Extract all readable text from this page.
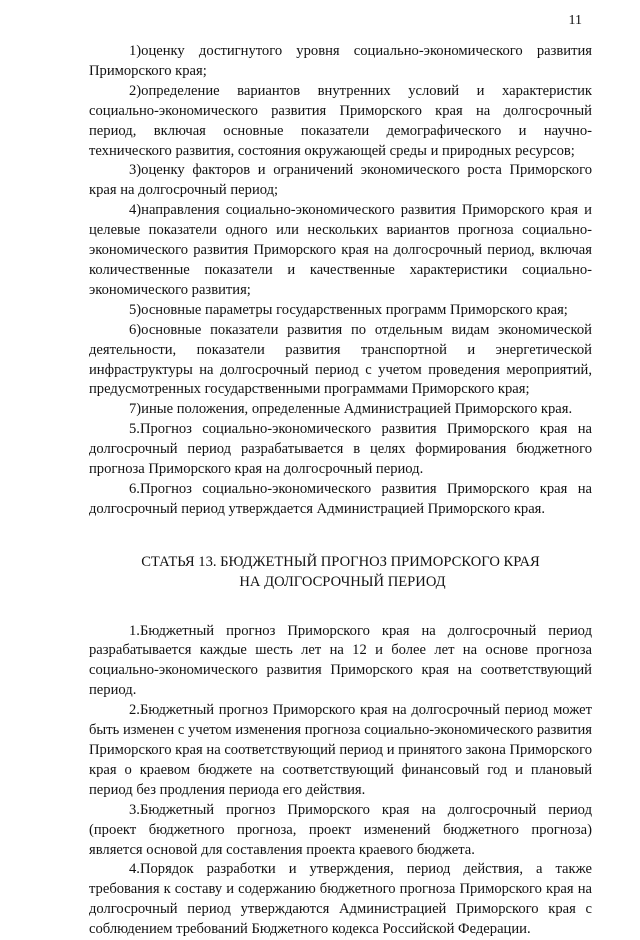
11

1)оценку достигнутого уровня социально-экономического развития Приморского края;

2)определение вариантов внутренних условий и характеристик социально-экономического развития Приморского края на долгосрочный период, включая основные показатели демографического и научно-технического развития, состояния окружающей среды и природных ресурсов;

3)оценку факторов и ограничений экономического роста Приморского края на долгосрочный период;

4)направления социально-экономического развития Приморского края и целевые показатели одного или нескольких вариантов прогноза социально-экономического развития Приморского края на долгосрочный период, включая количественные показатели и качественные характеристики социально-экономического развития;

5)основные параметры государственных программ Приморского края;

6)основные показатели развития по отдельным видам экономической деятельности, показатели развития транспортной и энергетической инфраструктуры на долгосрочный период с учетом проведения мероприятий, предусмотренных государственными программами Приморского края;

7)иные положения, определенные Администрацией Приморского края.

5.Прогноз социально-экономического развития Приморского края на долгосрочный период разрабатывается в целях формирования бюджетного прогноза Приморского края на долгосрочный период.

6.Прогноз социально-экономического развития Приморского края на долгосрочный период утверждается Администрацией Приморского края.

СТАТЬЯ 13. БЮДЖЕТНЫЙ ПРОГНОЗ ПРИМОРСКОГО КРАЯ
НА ДОЛГОСРОЧНЫЙ ПЕРИОД

1.Бюджетный прогноз Приморского края на долгосрочный период разрабатывается каждые шесть лет на 12 и более лет на основе прогноза социально-экономического развития Приморского края на соответствующий период.

2.Бюджетный прогноз Приморского края на долгосрочный период может быть изменен с учетом изменения прогноза социально-экономического развития Приморского края на соответствующий период и принятого закона Приморского края о краевом бюджете на соответствующий финансовый год и плановый период без продления периода его действия.

3.Бюджетный прогноз Приморского края на долгосрочный период (проект бюджетного прогноза, проект изменений бюджетного прогноза) является основой для составления проекта краевого бюджета.

4.Порядок разработки и утверждения, период действия, а также требования к составу и содержанию бюджетного прогноза Приморского края на долгосрочный период утверждаются Администрацией Приморского края с соблюдением требований Бюджетного кодекса Российской Федерации.
